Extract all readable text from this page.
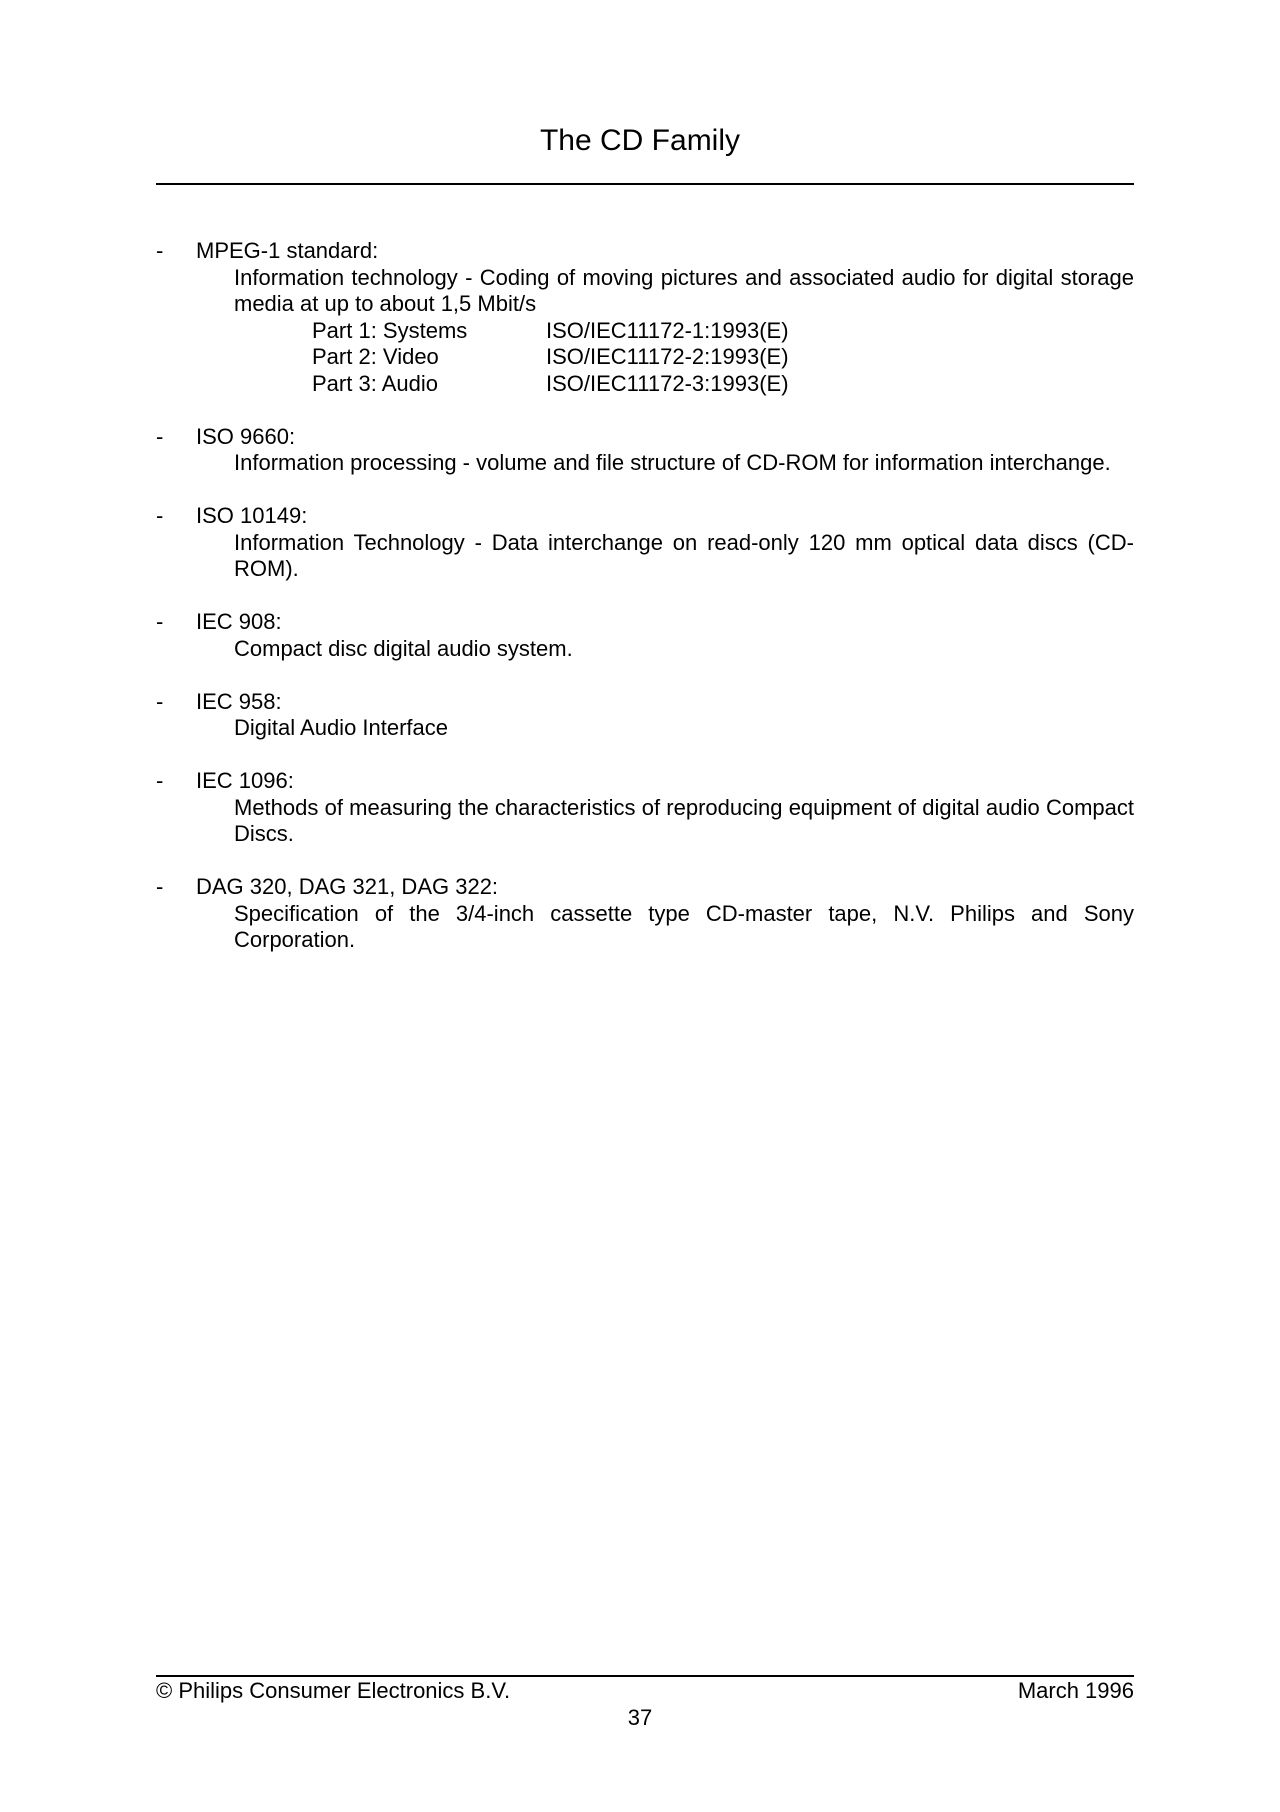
The CD Family
-	MPEG-1 standard:
Information technology - Coding of moving pictures and associated audio for digital storage media at up to about 1,5 Mbit/s
Part 1: Systems	ISO/IEC11172-1:1993(E)
Part 2: Video	ISO/IEC11172-2:1993(E)
Part 3: Audio	ISO/IEC11172-3:1993(E)
-	ISO 9660:
Information processing - volume and file structure of CD-ROM for information interchange.
-	ISO 10149:
Information Technology - Data interchange on read-only 120 mm optical data discs (CD-ROM).
-	IEC 908:
Compact disc digital audio system.
-	IEC 958:
Digital Audio Interface
-	IEC 1096:
Methods of measuring the characteristics of reproducing equipment of digital audio Compact Discs.
-	DAG 320, DAG 321, DAG 322:
Specification of the 3/4-inch cassette type CD-master tape, N.V. Philips and Sony Corporation.
© Philips Consumer Electronics B.V.	March 1996
37
